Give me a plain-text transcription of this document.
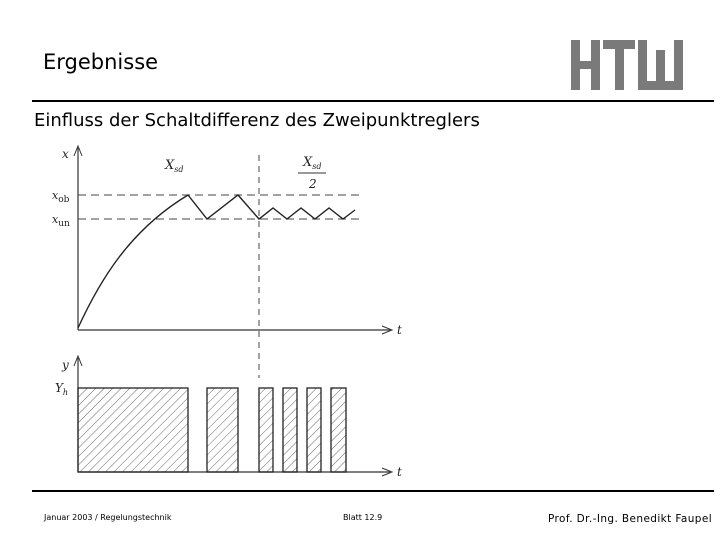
Ergebnisse
Einfluss der Schaltdifferenz des Zweipunktreglers
x
t
$x_{ob}$
$x_{un}$
$X_{sd}$	$X_{sd}$
2
y
t
$Y_h$
Januar 2003 / Regelungstechnik	Blatt 12.9	Prof. Dr.-Ing. Benedikt Faupel
